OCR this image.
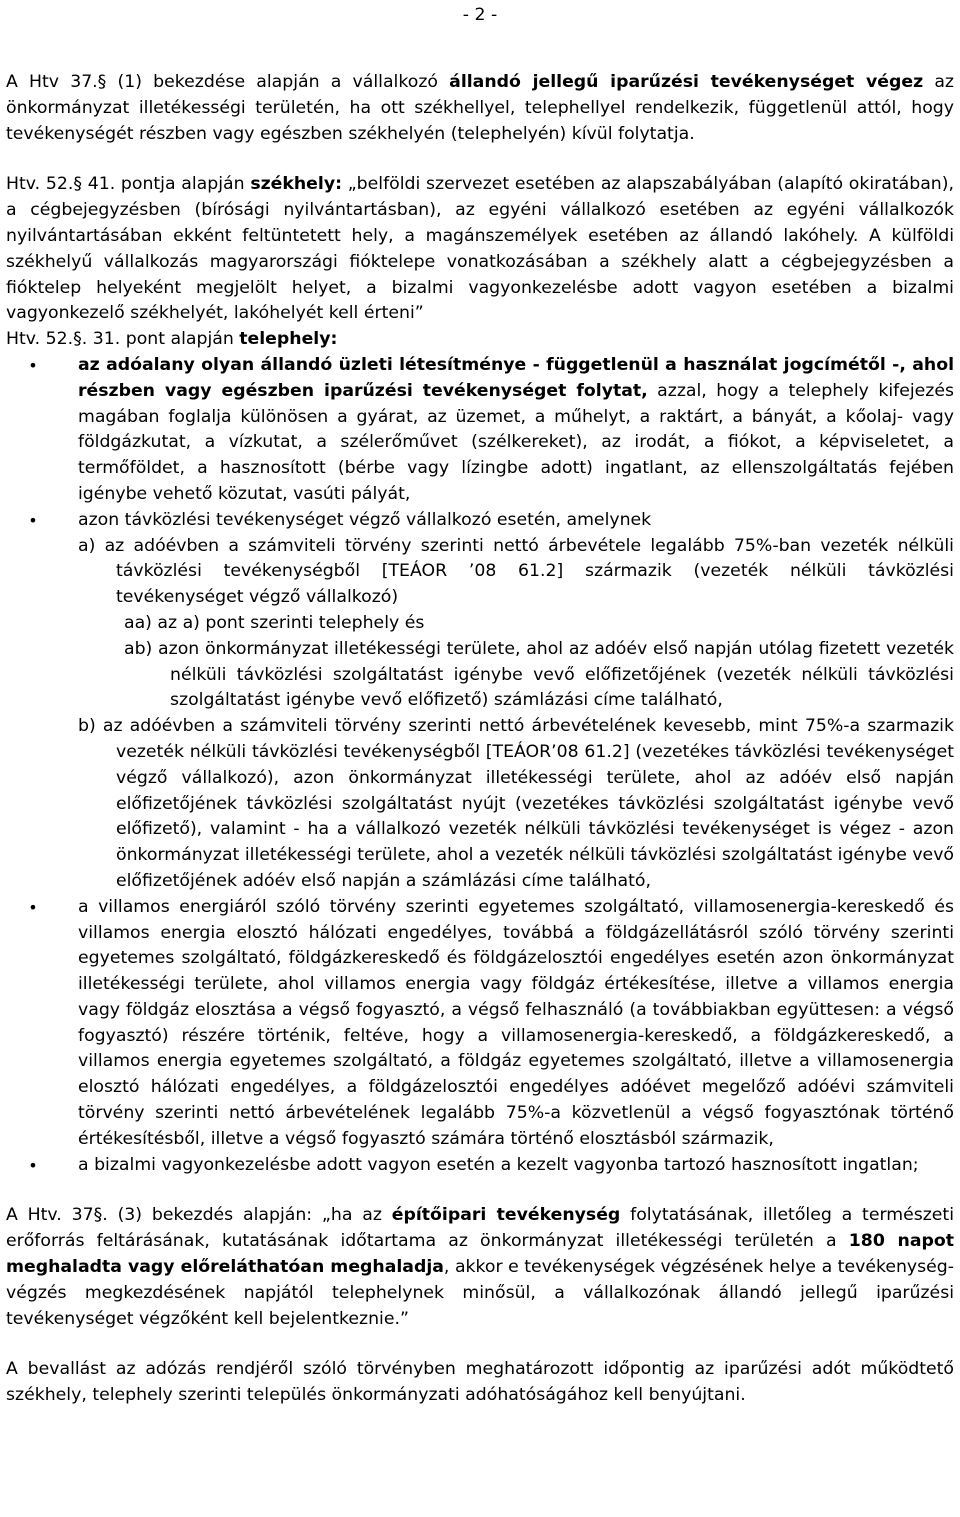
- 2 -

A Htv 37.§ (1) bekezdése alapján a vállalkozó állandó jellegű iparűzési tevékenységet végez az önkormányzat illetékességi területén, ha ott székhellyel, telephellyel rendelkezik, függetlenül attól, hogy tevékenységét részben vagy egészben székhelyén (telephelyén) kívül folytatja.

Htv. 52.§ 41. pontja alapján székhely: „belföldi szervezet esetében az alapszabályában (alapító okiratában), a cégbejegyzésben (bírósági nyilvántartásban), az egyéni vállalkozó esetében az egyéni vállalkozók nyilvántartásában ekként feltüntetett hely, a magánszemélyek esetében az állandó lakóhely. A külföldi székhelyű vállalkozás magyarországi fióktelepe vonatkozásában a székhely alatt a cégbejegyzésben a fióktelep helyeként megjelölt helyet, a bizalmi vagyonkezelésbe adott vagyon esetében a bizalmi vagyonkezelő székhelyét, lakóhelyét kell érteni”

Htv. 52.§. 31. pont alapján telephely:

• az adóalany olyan állandó üzleti létesítménye - függetlenül a használat jogcímétől -, ahol részben vagy egészben iparűzési tevékenységet folytat, azzal, hogy a telephely kifejezés magában foglalja különösen a gyárat, az üzemet, a műhelyt, a raktárt, a bányát, a kőolaj- vagy földgázkutat, a vízkutat, a szélerőművet (szélkereket), az irodát, a fiókot, a képviseletet, a termőföldet, a hasznosított (bérbe vagy lízingbe adott) ingatlant, az ellenszolgáltatás fejében igénybe vehető közutat, vasúti pályát,
• azon távközlési tevékenységet végző vállalkozó esetén, amelynek
a) az adóévben a számviteli törvény szerinti nettó árbevétele legalább 75%-ban vezeték nélküli távközlési tevékenységből [TEÁOR ’08 61.2] származik (vezeték nélküli távközlési tevékenységet végző vállalkozó)
aa) az a) pont szerinti telephely és
ab) azon önkormányzat illetékességi területe, ahol az adóév első napján utólag fizetett vezeték nélküli távközlési szolgáltatást igénybe vevő előfizetőjének (vezeték nélküli távközlési szolgáltatást igénybe vevő előfizető) számlázási címe található,
b) az adóévben a számviteli törvény szerinti nettó árbevételének kevesebb, mint 75%-a szarmazik vezeték nélküli távközlési tevékenységből [TEÁOR’08 61.2] (vezetékes távközlési tevékenységet végző vállalkozó), azon önkormányzat illetékességi területe, ahol az adóév első napján előfizetőjének távközlési szolgáltatást nyújt (vezetékes távközlési szolgáltatást igénybe vevő előfizető), valamint - ha a vállalkozó vezeték nélküli távközlési tevékenységet is végez - azon önkormányzat illetékességi területe, ahol a vezeték nélküli távközlési szolgáltatást igénybe vevő előfizetőjének adóév első napján a számlázási címe található,
• a villamos energiáról szóló törvény szerinti egyetemes szolgáltató, villamosenergia-kereskedő és villamos energia elosztó hálózati engedélyes, továbbá a földgázellátásról szóló törvény szerinti egyetemes szolgáltató, földgázkereskedő és földgázelosztói engedélyes esetén azon önkormányzat illetékességi területe, ahol villamos energia vagy földgáz értékesítése, illetve a villamos energia vagy földgáz elosztása a végső fogyasztó, a végső felhasználó (a továbbiakban együttesen: a végső fogyasztó) részére történik, feltéve, hogy a villamosenergia-kereskedő, a földgázkereskedő, a villamos energia egyetemes szolgáltató, a földgáz egyetemes szolgáltató, illetve a villamosenergia elosztó hálózati engedélyes, a földgázelosztói engedélyes adóévet megelőző adóévi számviteli törvény szerinti nettó árbevételének legalább 75%-a közvetlenül a végső fogyasztónak történő értékesítésből, illetve a végső fogyasztó számára történő elosztásból származik,
• a bizalmi vagyonkezelésbe adott vagyon esetén a kezelt vagyonba tartozó hasznosított ingatlan;

A Htv. 37§. (3) bekezdés alapján: „ha az építőipari tevékenység folytatásának, illetőleg a természeti erőforrás feltárásának, kutatásának időtartama az önkormányzat illetékességi területén a 180 napot meghaladta vagy előreláthatóan meghaladja, akkor e tevékenységek végzésének helye a tevékenység-végzés megkezdésének napjától telephelynek minősül, a vállalkozónak állandó jellegű iparűzési tevékenységet végzőként kell bejelentkeznie.”

A bevallást az adózás rendjéről szóló törvényben meghatározott időpontig az iparűzési adót működtető székhely, telephely szerinti település önkormányzati adóhatóságához kell benyújtani.
